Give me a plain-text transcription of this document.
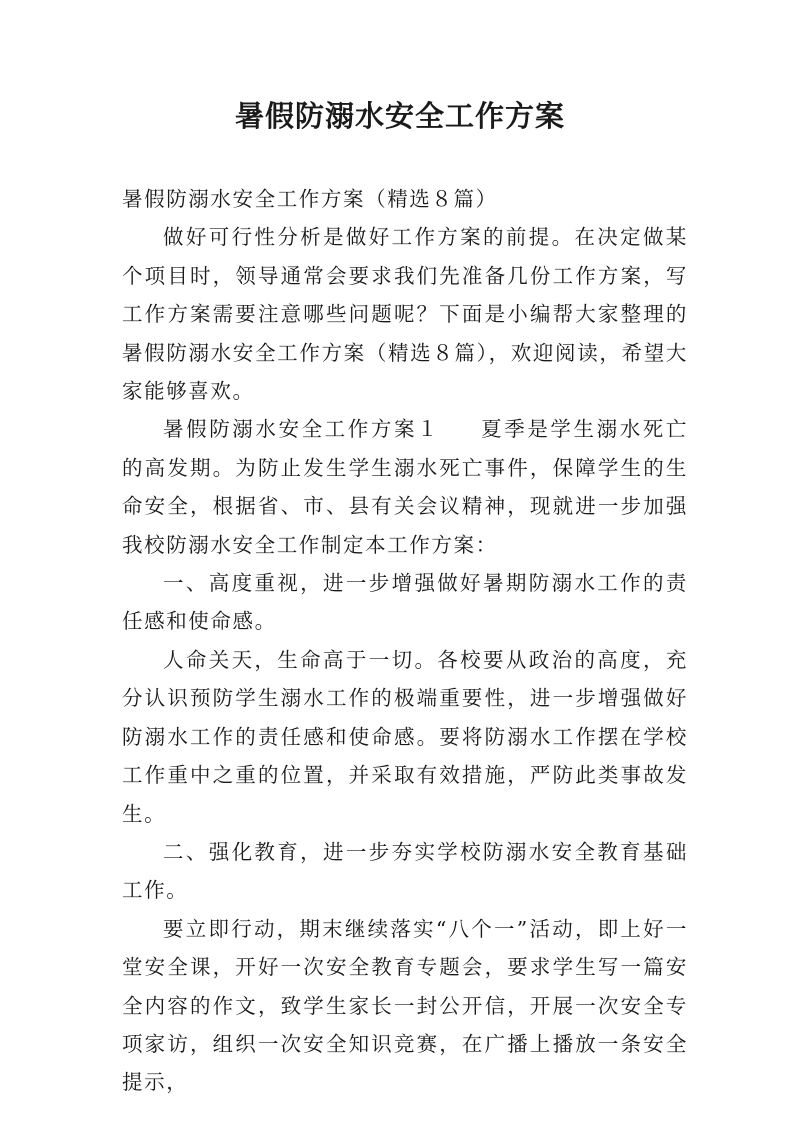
暑假防溺水安全工作方案

暑假防溺水安全工作方案（精选８篇）

做好可行性分析是做好工作方案的前提。在决定做某个项目时，领导通常会要求我们先准备几份工作方案，写工作方案需要注意哪些问题呢？下面是小编帮大家整理的暑假防溺水安全工作方案（精选８篇），欢迎阅读，希望大家能够喜欢。

暑假防溺水安全工作方案１ 夏季是学生溺水死亡的高发期。为防止发生学生溺水死亡事件，保障学生的生命安全，根据省、市、县有关会议精神，现就进一步加强我校防溺水安全工作制定本工作方案：

一、高度重视，进一步增强做好暑期防溺水工作的责任感和使命感。

人命关天，生命高于一切。各校要从政治的高度，充分认识预防学生溺水工作的极端重要性，进一步增强做好防溺水工作的责任感和使命感。要将防溺水工作摆在学校工作重中之重的位置，并采取有效措施，严防此类事故发生。

二、强化教育，进一步夯实学校防溺水安全教育基础工作。

要立即行动，期末继续落实“八个一”活动，即上好一堂安全课，开好一次安全教育专题会，要求学生写一篇安全内容的作文，致学生家长一封公开信，开展一次安全专项家访，组织一次安全知识竞赛，在广播上播放一条安全提示，
